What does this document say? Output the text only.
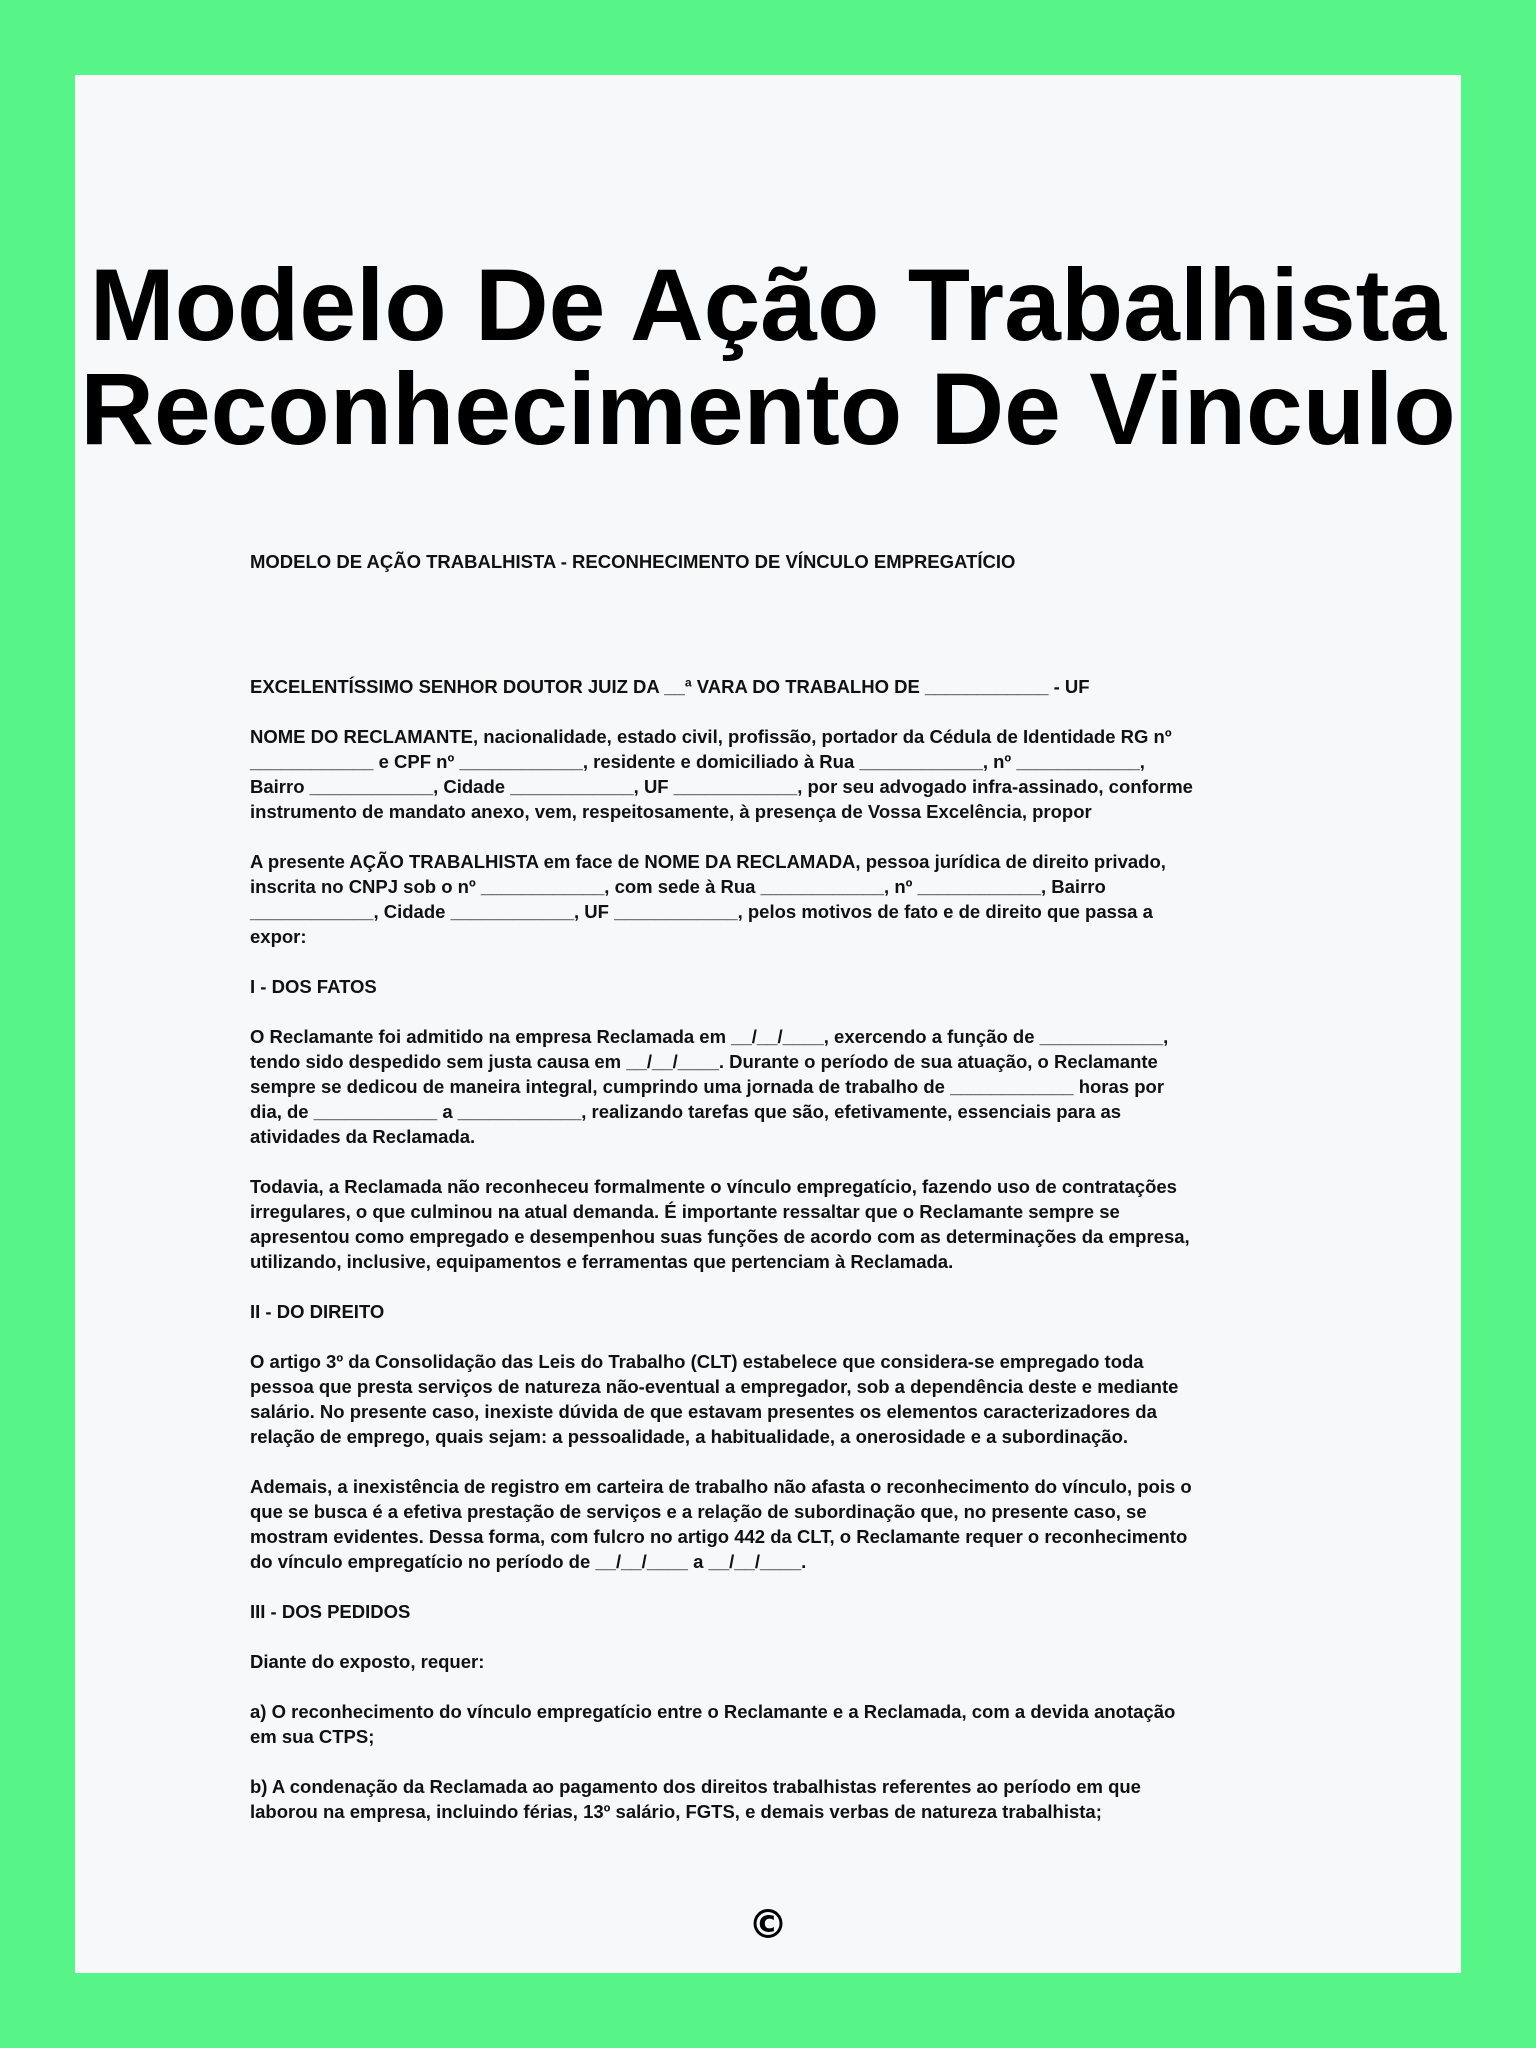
Modelo De Ação Trabalhista
Reconhecimento De Vinculo

MODELO DE AÇÃO TRABALHISTA - RECONHECIMENTO DE VÍNCULO EMPREGATÍCIO

EXCELENTÍSSIMO SENHOR DOUTOR JUIZ DA __ª VARA DO TRABALHO DE ____________ - UF

NOME DO RECLAMANTE, nacionalidade, estado civil, profissão, portador da Cédula de Identidade RG nº
____________ e CPF nº ____________, residente e domiciliado à Rua ____________, nº ____________,
Bairro ____________, Cidade ____________, UF ____________, por seu advogado infra-assinado, conforme
instrumento de mandato anexo, vem, respeitosamente, à presença de Vossa Excelência, propor

A presente AÇÃO TRABALHISTA em face de NOME DA RECLAMADA, pessoa jurídica de direito privado,
inscrita no CNPJ sob o nº ____________, com sede à Rua ____________, nº ____________, Bairro
____________, Cidade ____________, UF ____________, pelos motivos de fato e de direito que passa a
expor:

I - DOS FATOS

O Reclamante foi admitido na empresa Reclamada em __/__/____, exercendo a função de ____________,
tendo sido despedido sem justa causa em __/__/____. Durante o período de sua atuação, o Reclamante
sempre se dedicou de maneira integral, cumprindo uma jornada de trabalho de ____________ horas por
dia, de ____________ a ____________, realizando tarefas que são, efetivamente, essenciais para as
atividades da Reclamada.

Todavia, a Reclamada não reconheceu formalmente o vínculo empregatício, fazendo uso de contratações
irregulares, o que culminou na atual demanda. É importante ressaltar que o Reclamante sempre se
apresentou como empregado e desempenhou suas funções de acordo com as determinações da empresa,
utilizando, inclusive, equipamentos e ferramentas que pertenciam à Reclamada.

II - DO DIREITO

O artigo 3º da Consolidação das Leis do Trabalho (CLT) estabelece que considera-se empregado toda
pessoa que presta serviços de natureza não-eventual a empregador, sob a dependência deste e mediante
salário. No presente caso, inexiste dúvida de que estavam presentes os elementos caracterizadores da
relação de emprego, quais sejam: a pessoalidade, a habitualidade, a onerosidade e a subordinação.

Ademais, a inexistência de registro em carteira de trabalho não afasta o reconhecimento do vínculo, pois o
que se busca é a efetiva prestação de serviços e a relação de subordinação que, no presente caso, se
mostram evidentes. Dessa forma, com fulcro no artigo 442 da CLT, o Reclamante requer o reconhecimento
do vínculo empregatício no período de __/__/____ a __/__/____.

III - DOS PEDIDOS

Diante do exposto, requer:

a) O reconhecimento do vínculo empregatício entre o Reclamante e a Reclamada, com a devida anotação
em sua CTPS;

b) A condenação da Reclamada ao pagamento dos direitos trabalhistas referentes ao período em que
laborou na empresa, incluindo férias, 13º salário, FGTS, e demais verbas de natureza trabalhista;

©
